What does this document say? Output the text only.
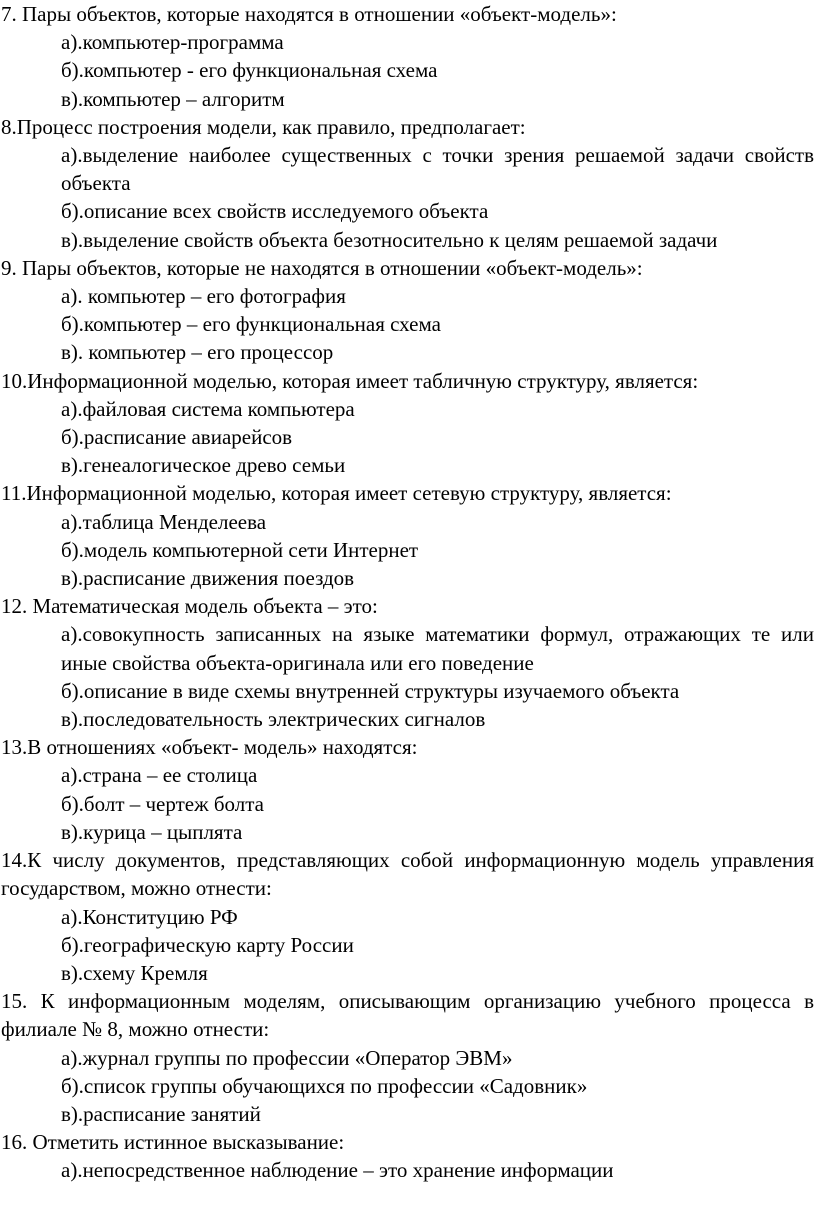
7. Пары объектов, которые находятся в отношении «объект-модель»:

а).компьютер-программа

б).компьютер - его функциональная схема

в).компьютер – алгоритм

8.Процесс построения модели, как правило, предполагает:

а).выделение наиболее существенных с точки зрения решаемой задачи свойств объекта

б).описание всех свойств исследуемого объекта

в).выделение свойств объекта безотносительно к целям решаемой задачи

9. Пары объектов, которые не находятся в отношении «объект-модель»:

а). компьютер – его фотография

б).компьютер – его функциональная схема

в). компьютер – его процессор

10.Информационной моделью, которая имеет табличную структуру, является:

а).файловая система компьютера

б).расписание авиарейсов

в).генеалогическое древо семьи

11.Информационной моделью, которая имеет сетевую структуру, является:

а).таблица Менделеева

б).модель компьютерной сети Интернет

в).расписание движения поездов

12. Математическая модель объекта – это:

а).совокупность записанных на языке математики формул, отражающих те или иные свойства объекта-оригинала или его поведение

б).описание в виде схемы внутренней структуры изучаемого объекта

в).последовательность электрических сигналов

13.В отношениях «объект- модель» находятся:

а).страна – ее столица

б).болт – чертеж болта

в).курица – цыплята

14.К числу документов, представляющих собой информационную модель управления государством, можно отнести:

а).Конституцию РФ

б).географическую карту России

в).схему Кремля

15. К информационным моделям, описывающим организацию учебного процесса в филиале № 8, можно отнести:

а).журнал группы по профессии «Оператор ЭВМ»

б).список группы обучающихся по профессии «Садовник»

в).расписание занятий

16. Отметить истинное высказывание:

а).непосредственное наблюдение – это хранение информации
